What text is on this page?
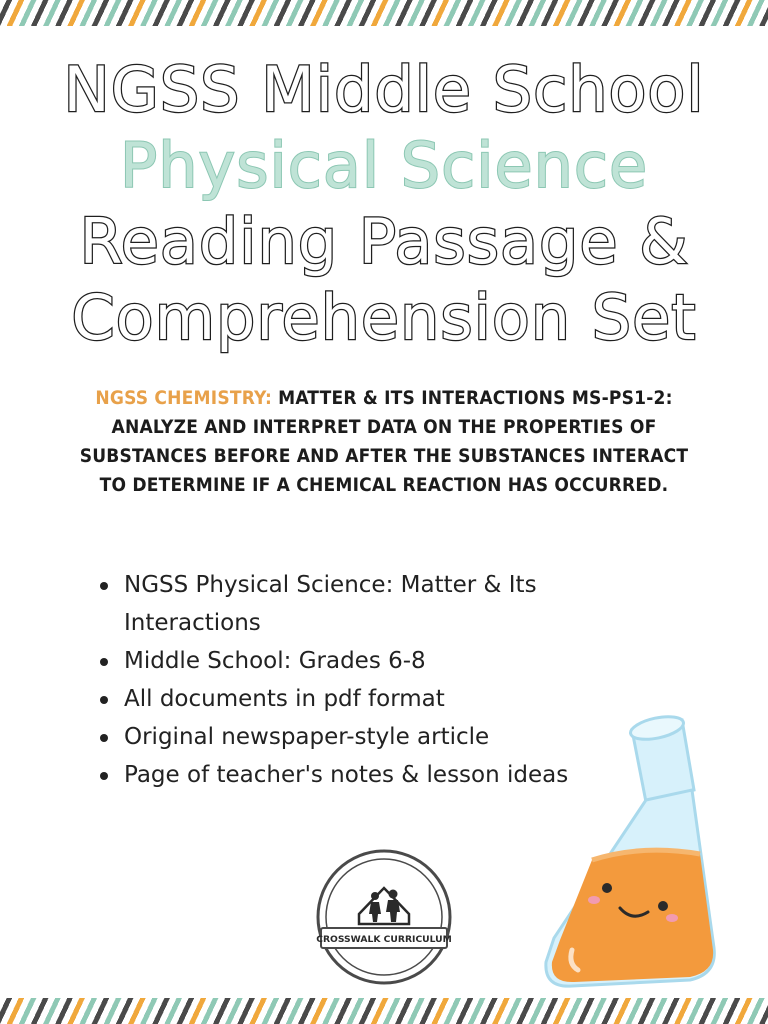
NGSS Middle School
Physical Science
Reading Passage &
Comprehension Set
NGSS CHEMISTRY: MATTER & ITS INTERACTIONS MS-PS1-2: ANALYZE AND INTERPRET DATA ON THE PROPERTIES OF SUBSTANCES BEFORE AND AFTER THE SUBSTANCES INTERACT TO DETERMINE IF A CHEMICAL REACTION HAS OCCURRED.
NGSS Physical Science: Matter & Its Interactions
Middle School: Grades 6-8
All documents in pdf format
Original newspaper-style article
Page of teacher's notes & lesson ideas
CROSSWALK CURRICULUM
